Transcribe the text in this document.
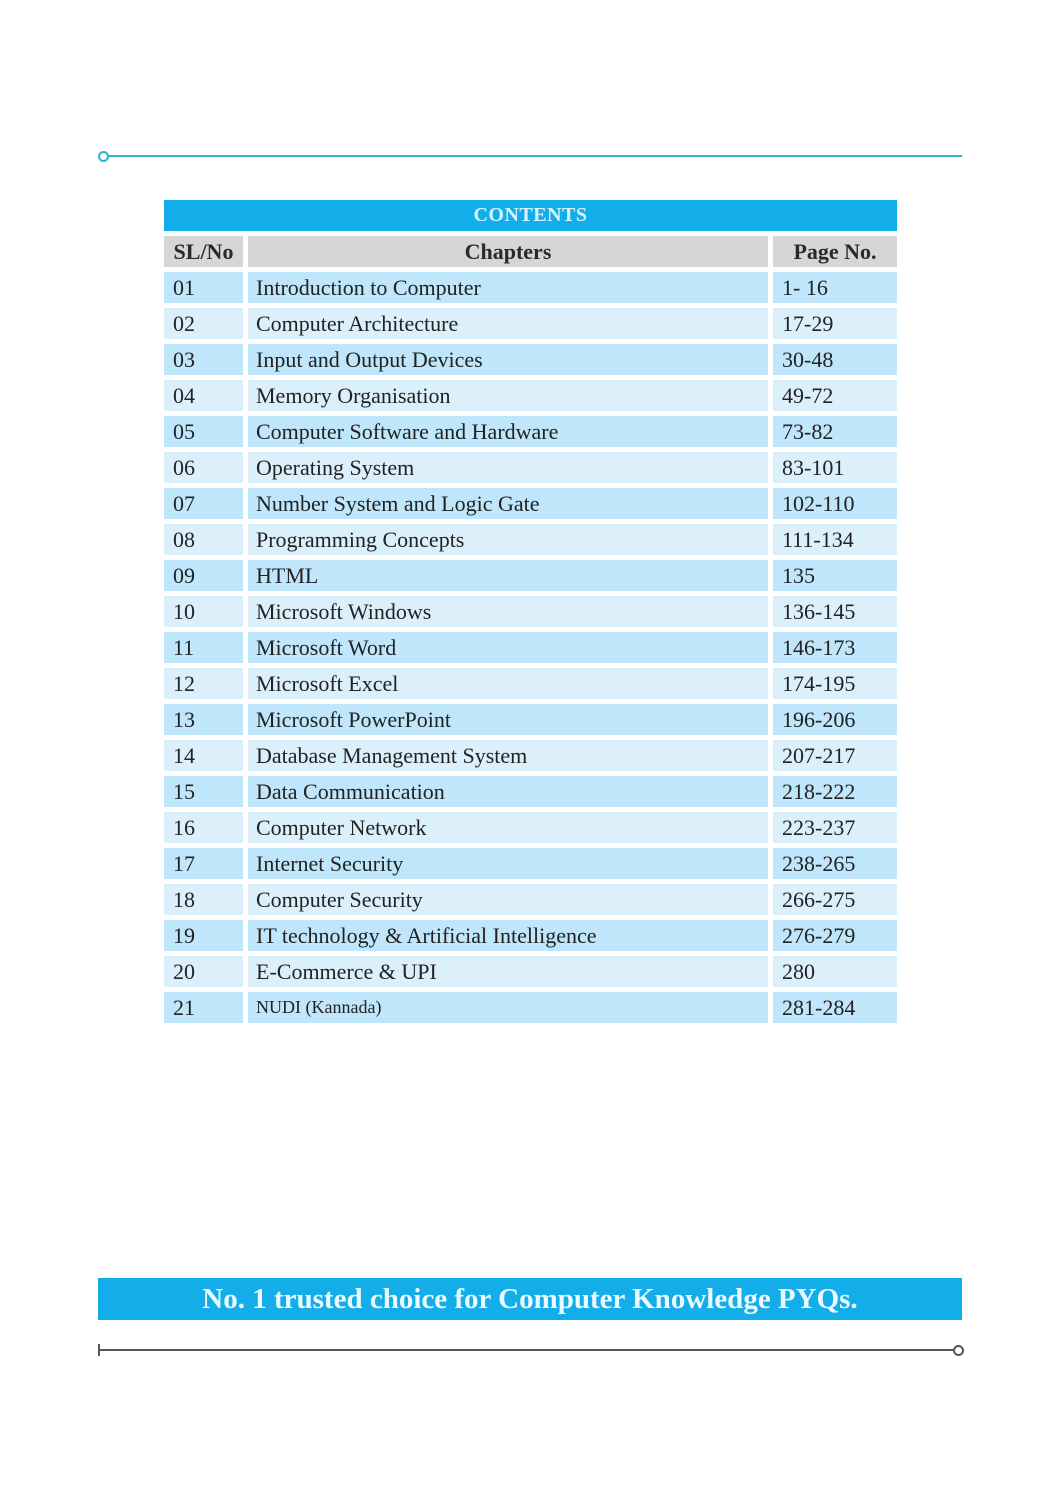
CONTENTS
SL/No	Chapters	Page No.
01	Introduction to Computer	1- 16
02	Computer Architecture	17-29
03	Input and Output Devices	30-48
04	Memory Organisation	49-72
05	Computer Software and Hardware	73-82
06	Operating System	83-101
07	Number System and Logic Gate	102-110
08	Programming Concepts	111-134
09	HTML	135
10	Microsoft Windows	136-145
11	Microsoft Word	146-173
12	Microsoft Excel	174-195
13	Microsoft PowerPoint	196-206
14	Database Management System	207-217
15	Data Communication	218-222
16	Computer Network	223-237
17	Internet Security	238-265
18	Computer Security	266-275
19	IT technology & Artificial Intelligence	276-279
20	E-Commerce & UPI	280
21	NUDI (Kannada)	281-284
No. 1 trusted choice for Computer Knowledge PYQs.
